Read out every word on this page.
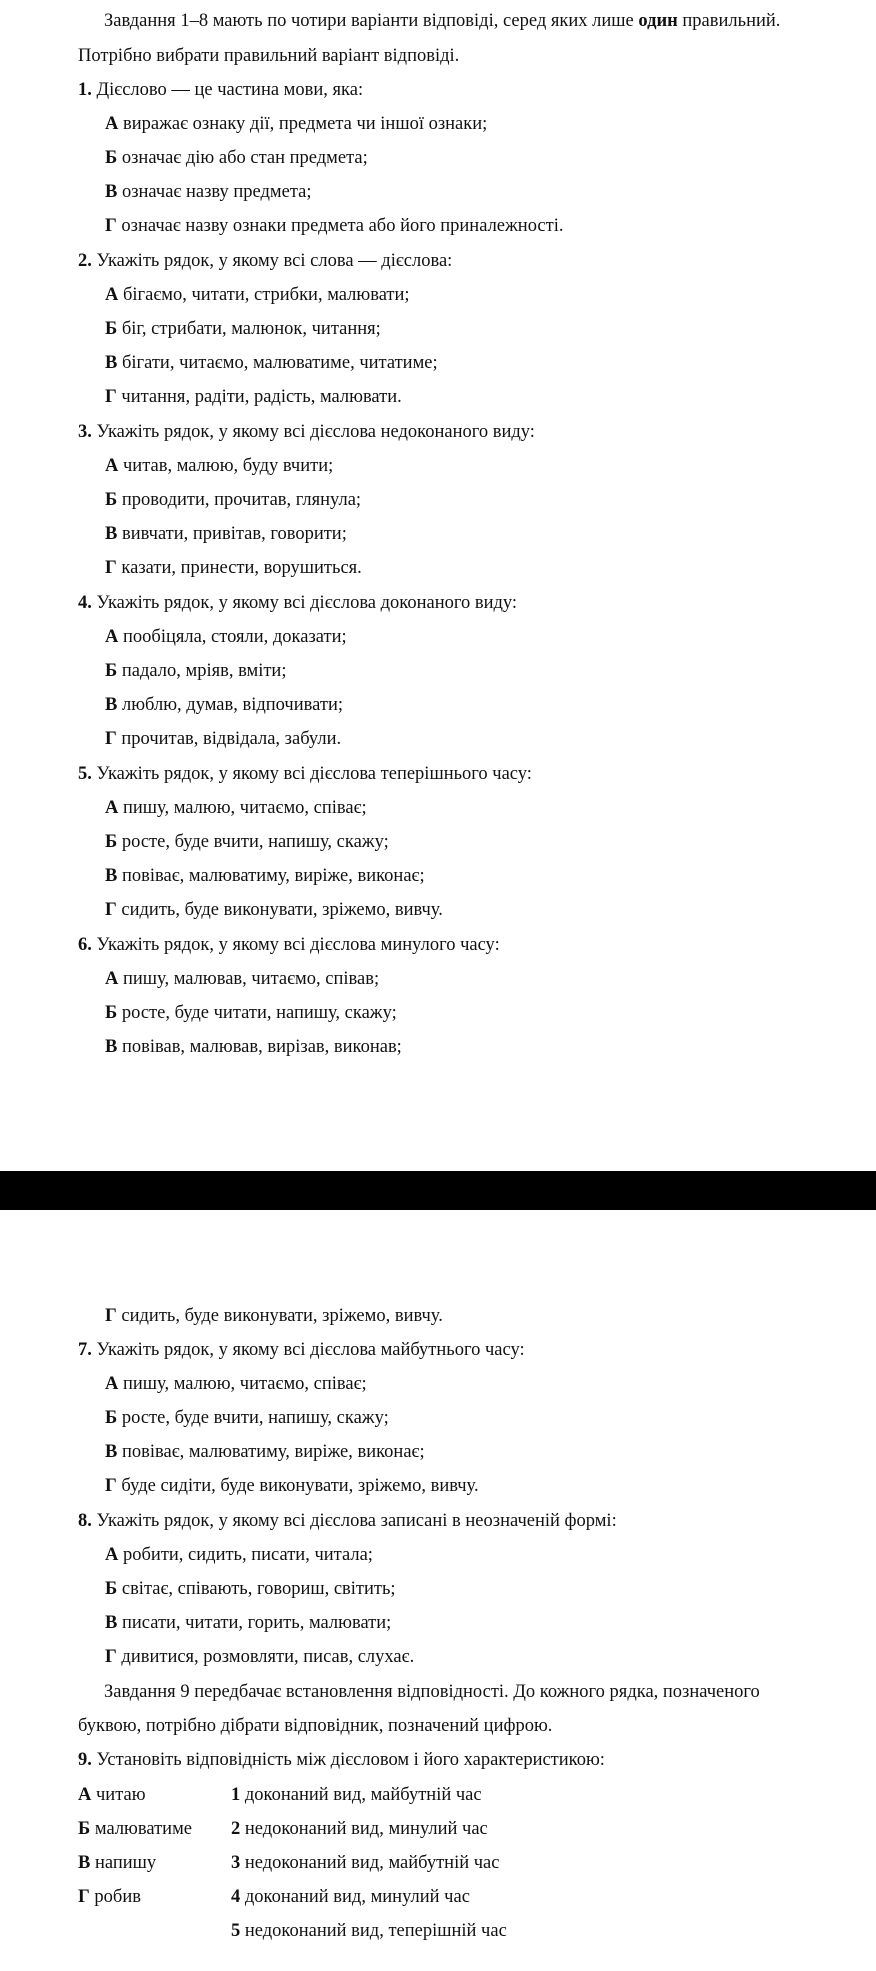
Завдання 1–8 мають по чотири варіанти відповіді, серед яких лише один правильний.
Потрібно вибрати правильний варіант відповіді.
1. Дієслово — це частина мови, яка:
А виражає ознаку дії, предмета чи іншої ознаки;
Б означає дію або стан предмета;
В означає назву предмета;
Г означає назву ознаки предмета або його приналежності.
2. Укажіть рядок, у якому всі слова — дієслова:
А бігаємо, читати, стрибки, малювати;
Б біг, стрибати, малюнок, читання;
В бігати, читаємо, малюватиме, читатиме;
Г читання, радіти, радість, малювати.
3. Укажіть рядок, у якому всі дієслова недоконаного виду:
А читав, малюю, буду вчити;
Б проводити, прочитав, глянула;
В вивчати, привітав, говорити;
Г казати, принести, ворушиться.
4. Укажіть рядок, у якому всі дієслова доконаного виду:
А пообіцяла, стояли, доказати;
Б падало, мріяв, вміти;
В люблю, думав, відпочивати;
Г прочитав, відвідала, забули.
5. Укажіть рядок, у якому всі дієслова теперішнього часу:
А пишу, малюю, читаємо, співає;
Б росте, буде вчити, напишу, скажу;
В повіває, малюватиму, виріже, виконає;
Г сидить, буде виконувати, зріжемо, вивчу.
6. Укажіть рядок, у якому всі дієслова минулого часу:
А пишу, малював, читаємо, співав;
Б росте, буде читати, напишу, скажу;
В повівав, малював, вирізав, виконав;
Г сидить, буде виконувати, зріжемо, вивчу.
7. Укажіть рядок, у якому всі дієслова майбутнього часу:
А пишу, малюю, читаємо, співає;
Б росте, буде вчити, напишу, скажу;
В повіває, малюватиму, виріже, виконає;
Г буде сидіти, буде виконувати, зріжемо, вивчу.
8. Укажіть рядок, у якому всі дієслова записані в неозначеній формі:
А робити, сидить, писати, читала;
Б світає, співають, говориш, світить;
В писати, читати, горить, малювати;
Г дивитися, розмовляти, писав, слухає.
Завдання 9 передбачає встановлення відповідності. До кожного рядка, позначеного
буквою, потрібно дібрати відповідник, позначений цифрою.
9. Установіть відповідність між дієсловом і його характеристикою:
А читаю
Б малюватиме
В напишу
Г робив
1 доконаний вид, майбутній час
2 недоконаний вид, минулий час
3 недоконаний вид, майбутній час
4 доконаний вид, минулий час
5 недоконаний вид, теперішній час
